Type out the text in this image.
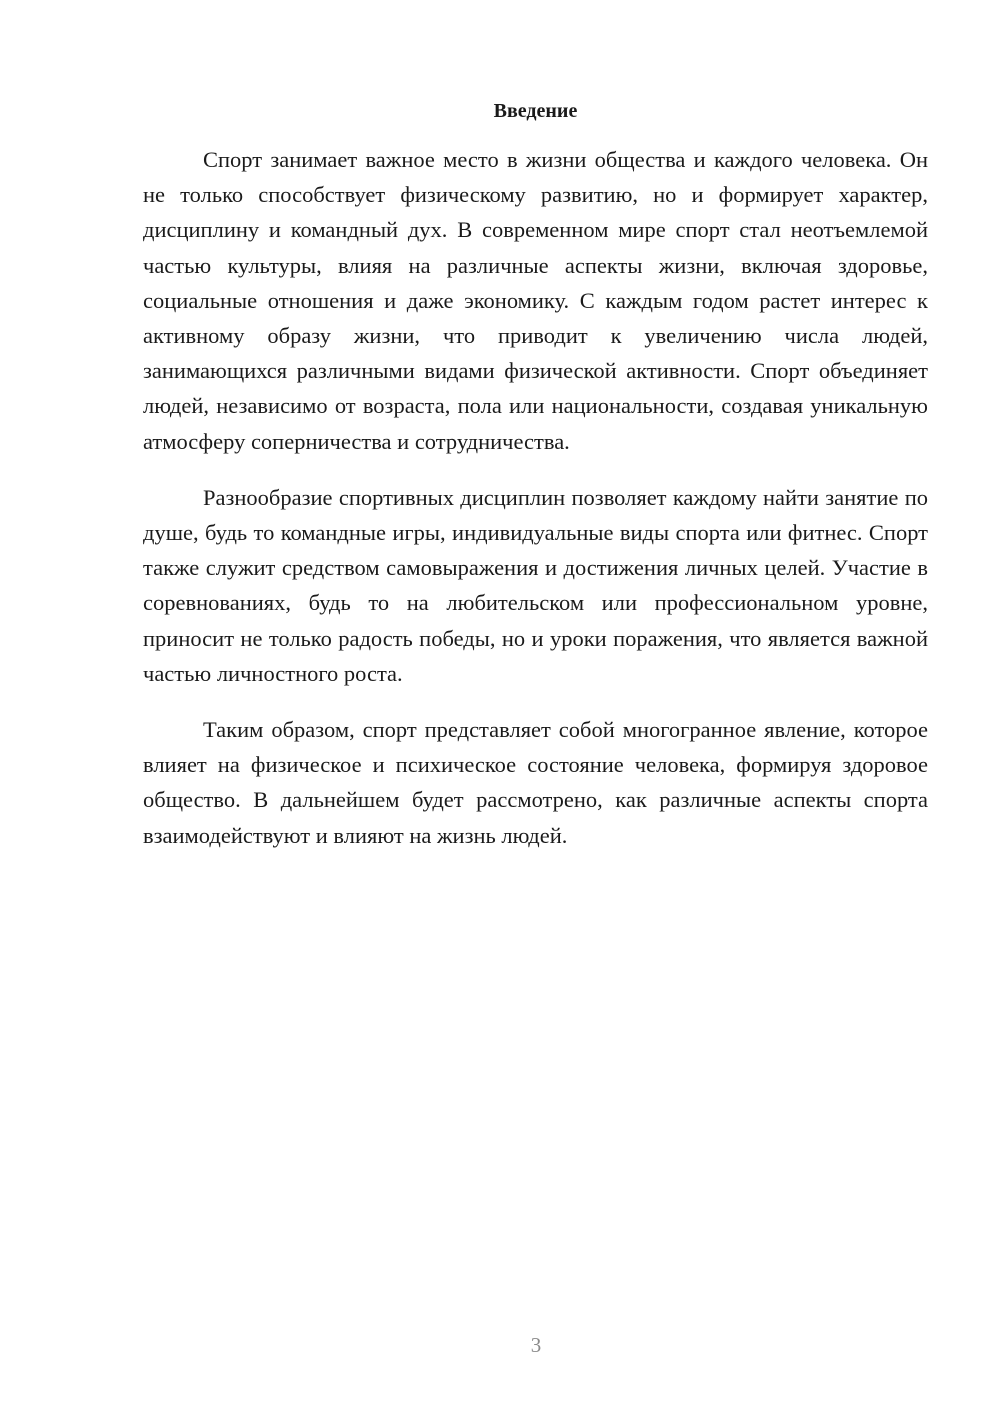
Введение

Спорт занимает важное место в жизни общества и каждого человека. Он не только способствует физическому развитию, но и формирует характер, дисциплину и командный дух. В современном мире спорт стал неотъемлемой частью культуры, влияя на различные аспекты жизни, включая здоровье, социальные отношения и даже экономику. С каждым годом растет интерес к активному образу жизни, что приводит к увеличению числа людей, занимающихся различными видами физической активности. Спорт объединяет людей, независимо от возраста, пола или национальности, создавая уникальную атмосферу соперничества и сотрудничества.

Разнообразие спортивных дисциплин позволяет каждому найти занятие по душе, будь то командные игры, индивидуальные виды спорта или фитнес. Спорт также служит средством самовыражения и достижения личных целей. Участие в соревнованиях, будь то на любительском или профессиональном уровне, приносит не только радость победы, но и уроки поражения, что является важной частью личностного роста.

Таким образом, спорт представляет собой многогранное явление, которое влияет на физическое и психическое состояние человека, формируя здоровое общество. В дальнейшем будет рассмотрено, как различные аспекты спорта взаимодействуют и влияют на жизнь людей.

3
